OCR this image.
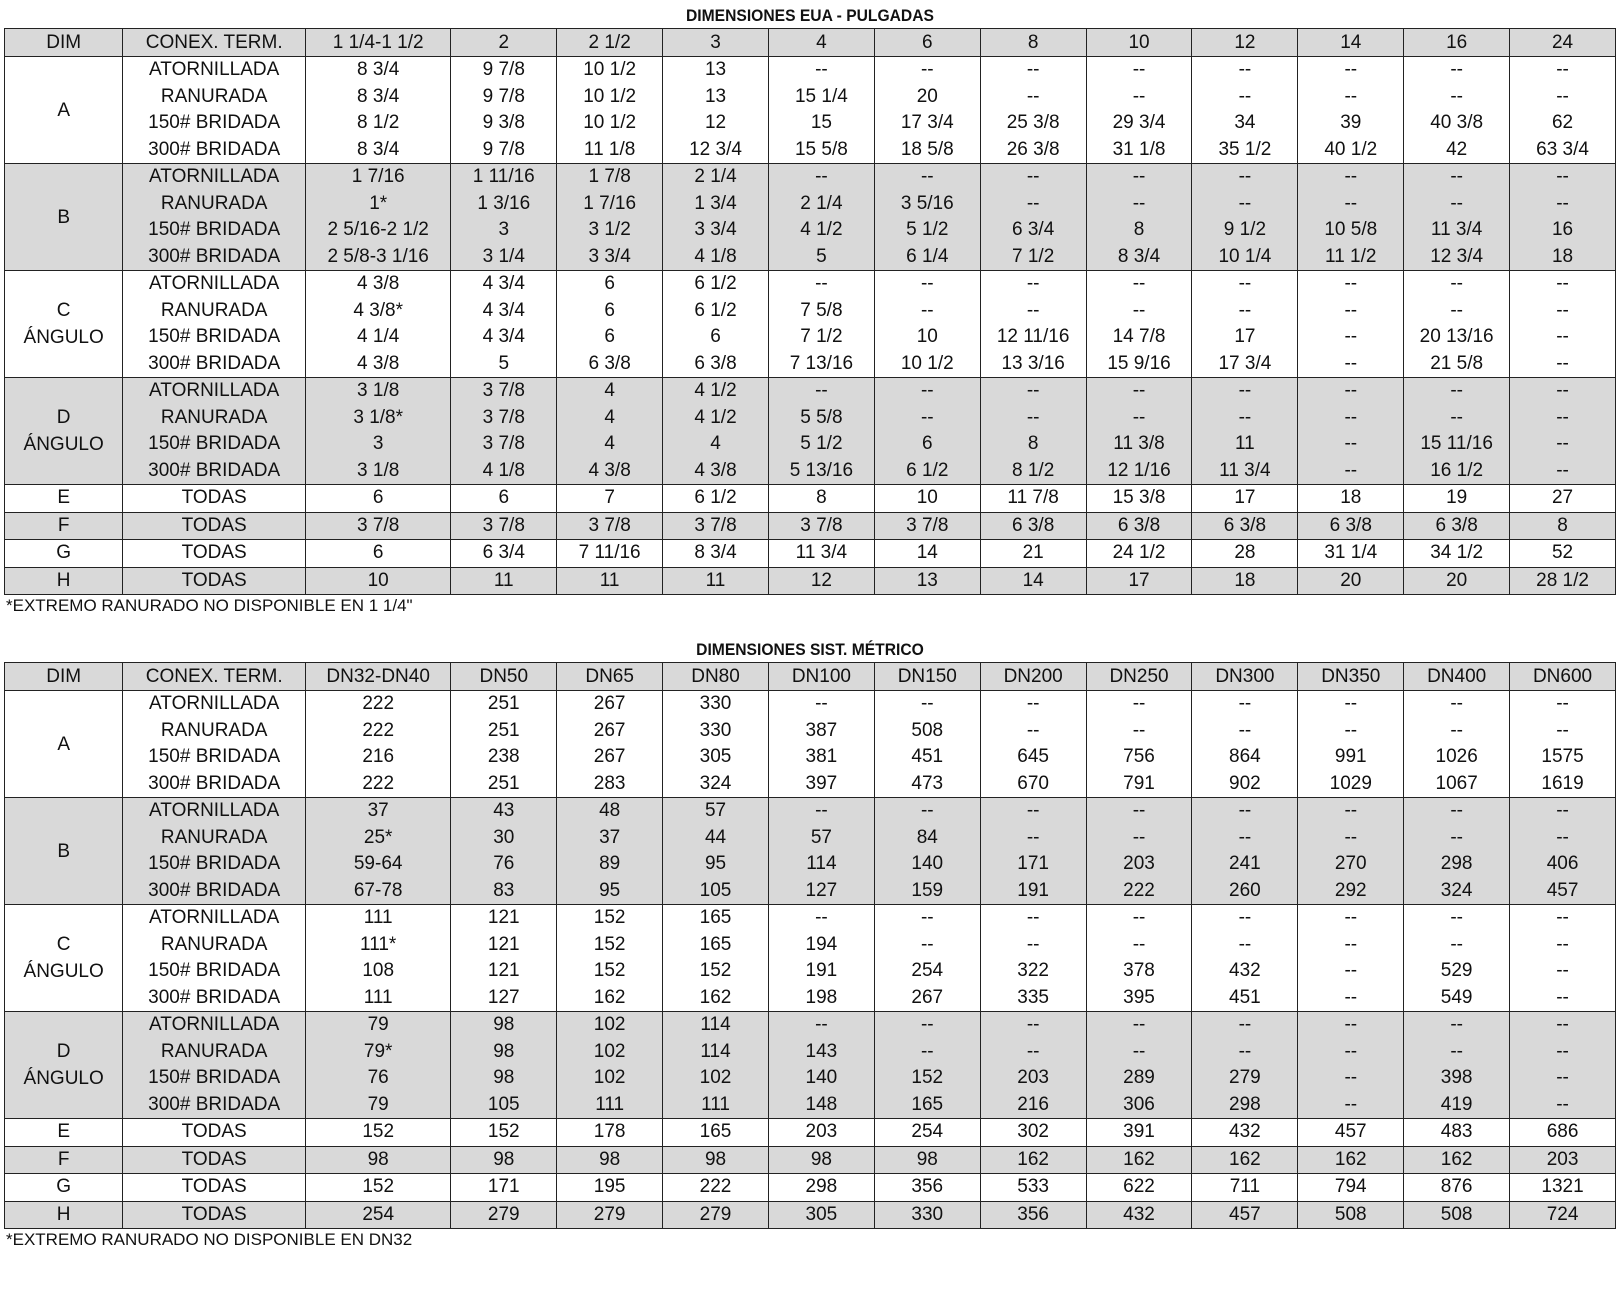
DIMENSIONES EUA - PULGADAS
DIM	CONEX. TERM.	1 1/4-1 1/2	2	2 1/2	3	4	6	8	10	12	14	16	24

A	ATORNILLADA	8 3/4	9 7/8	10 1/2	13	--	--	--	--	--	--	--	--
	RANURADA	8 3/4	9 7/8	10 1/2	13	15 1/4	20	--	--	--	--	--	--
	150# BRIDADA	8 1/2	9 3/8	10 1/2	12	15	17 3/4	25 3/8	29 3/4	34	39	40 3/8	62
	300# BRIDADA	8 3/4	9 7/8	11 1/8	12 3/4	15 5/8	18 5/8	26 3/8	31 1/8	35 1/2	40 1/2	42	63 3/4

B	ATORNILLADA	1 7/16	1 11/16	1 7/8	2 1/4	--	--	--	--	--	--	--	--
	RANURADA	1*	1 3/16	1 7/16	1 3/4	2 1/4	3 5/16	--	--	--	--	--	--
	150# BRIDADA	2 5/16-2 1/2	3	3 1/2	3 3/4	4 1/2	5 1/2	6 3/4	8	9 1/2	10 5/8	11 3/4	16
	300# BRIDADA	2 5/8-3 1/16	3 1/4	3 3/4	4 1/8	5	6 1/4	7 1/2	8 3/4	10 1/4	11 1/2	12 3/4	18

C
ÁNGULO	ATORNILLADA	4 3/8	4 3/4	6	6 1/2	--	--	--	--	--	--	--	--
	RANURADA	4 3/8*	4 3/4	6	6 1/2	7 5/8	--	--	--	--	--	--	--
	150# BRIDADA	4 1/4	4 3/4	6	6	7 1/2	10	12 11/16	14 7/8	17	--	20 13/16	--
	300# BRIDADA	4 3/8	5	6 3/8	6 3/8	7 13/16	10 1/2	13 3/16	15 9/16	17 3/4	--	21 5/8	--

D
ÁNGULO	ATORNILLADA	3 1/8	3 7/8	4	4 1/2	--	--	--	--	--	--	--	--
	RANURADA	3 1/8*	3 7/8	4	4 1/2	5 5/8	--	--	--	--	--	--	--
	150# BRIDADA	3	3 7/8	4	4	5 1/2	6	8	11 3/8	11	--	15 11/16	--
	300# BRIDADA	3 1/8	4 1/8	4 3/8	4 3/8	5 13/16	6 1/2	8 1/2	12 1/16	11 3/4	--	16 1/2	--
E	TODAS	6	6	7	6 1/2	8	10	11 7/8	15 3/8	17	18	19	27
F	TODAS	3 7/8	3 7/8	3 7/8	3 7/8	3 7/8	3 7/8	6 3/8	6 3/8	6 3/8	6 3/8	6 3/8	8
G	TODAS	6	6 3/4	7 11/16	8 3/4	11 3/4	14	21	24 1/2	28	31 1/4	34 1/2	52
H	TODAS	10	11	11	11	12	13	14	17	18	20	20	28 1/2
*EXTREMO RANURADO NO DISPONIBLE EN 1 1/4"
DIMENSIONES SIST. MÉTRICO
DIM	CONEX. TERM.	DN32-DN40	DN50	DN65	DN80	DN100	DN150	DN200	DN250	DN300	DN350	DN400	DN600

A	ATORNILLADA	222	251	267	330	--	--	--	--	--	--	--	--
	RANURADA	222	251	267	330	387	508	--	--	--	--	--	--
	150# BRIDADA	216	238	267	305	381	451	645	756	864	991	1026	1575
	300# BRIDADA	222	251	283	324	397	473	670	791	902	1029	1067	1619

B	ATORNILLADA	37	43	48	57	--	--	--	--	--	--	--	--
	RANURADA	25*	30	37	44	57	84	--	--	--	--	--	--
	150# BRIDADA	59-64	76	89	95	114	140	171	203	241	270	298	406
	300# BRIDADA	67-78	83	95	105	127	159	191	222	260	292	324	457

C
ÁNGULO	ATORNILLADA	111	121	152	165	--	--	--	--	--	--	--	--
	RANURADA	111*	121	152	165	194	--	--	--	--	--	--	--
	150# BRIDADA	108	121	152	152	191	254	322	378	432	--	529	--
	300# BRIDADA	111	127	162	162	198	267	335	395	451	--	549	--

D
ÁNGULO	ATORNILLADA	79	98	102	114	--	--	--	--	--	--	--	--
	RANURADA	79*	98	102	114	143	--	--	--	--	--	--	--
	150# BRIDADA	76	98	102	102	140	152	203	289	279	--	398	--
	300# BRIDADA	79	105	111	111	148	165	216	306	298	--	419	--
E	TODAS	152	152	178	165	203	254	302	391	432	457	483	686
F	TODAS	98	98	98	98	98	98	162	162	162	162	162	203
G	TODAS	152	171	195	222	298	356	533	622	711	794	876	1321
H	TODAS	254	279	279	279	305	330	356	432	457	508	508	724
*EXTREMO RANURADO NO DISPONIBLE EN DN32
